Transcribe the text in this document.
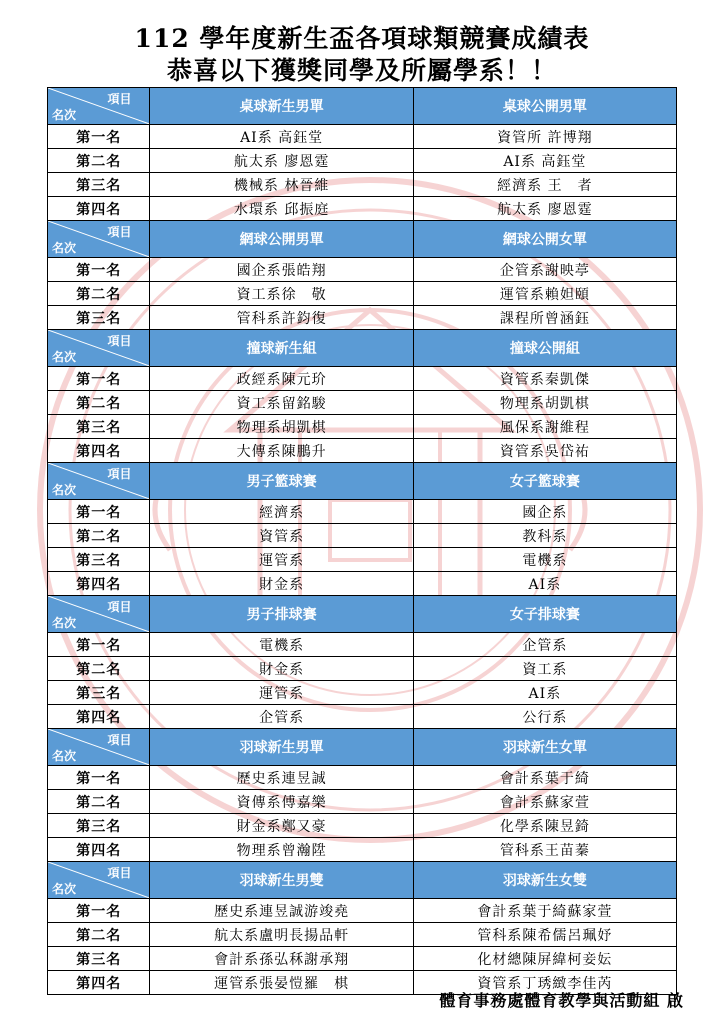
112 學年度新生盃各項球類競賽成績表
恭喜以下獲獎同學及所屬學系！！
項目
名次	桌球新生男單	桌球公開男單
第一名	AI系 高鈺堂	資管所 許博翔
第二名	航太系 廖恩霆	AI系 高鈺堂
第三名	機械系 林晉維	經濟系 王　者
第四名	水環系 邱振庭	航太系 廖恩霆

項目
名次	網球公開男單	網球公開女單
第一名	國企系張皓翔	企管系謝映葶
第二名	資工系徐　敬	運管系賴妲頤
第三名	管科系許鈞復	課程所曾涵鈺

項目
名次	撞球新生組	撞球公開組
第一名	政經系陳元玠	資管系秦凱傑
第二名	資工系留銘駿	物理系胡凱棋
第三名	物理系胡凱棋	風保系謝維程
第四名	大傳系陳鵬升	資管系吳岱祐

項目
名次	男子籃球賽	女子籃球賽
第一名	經濟系	國企系
第二名	資管系	教科系
第三名	運管系	電機系
第四名	財金系	AI系

項目
名次	男子排球賽	女子排球賽
第一名	電機系	企管系
第二名	財金系	資工系
第三名	運管系	AI系
第四名	企管系	公行系

項目
名次	羽球新生男單	羽球新生女單
第一名	歷史系連昱誠	會計系葉于綺
第二名	資傳系傅嘉樂	會計系蘇家萱
第三名	財金系鄭又豪	化學系陳昱錡
第四名	物理系曾瀚陞	管科系王苗蓁

項目
名次	羽球新生男雙	羽球新生女雙
第一名	歷史系連昱誠游竣堯	會計系葉于綺蘇家萱
第二名	航太系盧明長揚品軒	管科系陳希儒呂珮妤
第三名	會計系孫弘秝謝承翔	化材總陳屏緯柯妾妘
第四名	運管系張晏愷羅　棋	資管系丁琇緻李佳芮
體育事務處體育教學與活動組 啟
